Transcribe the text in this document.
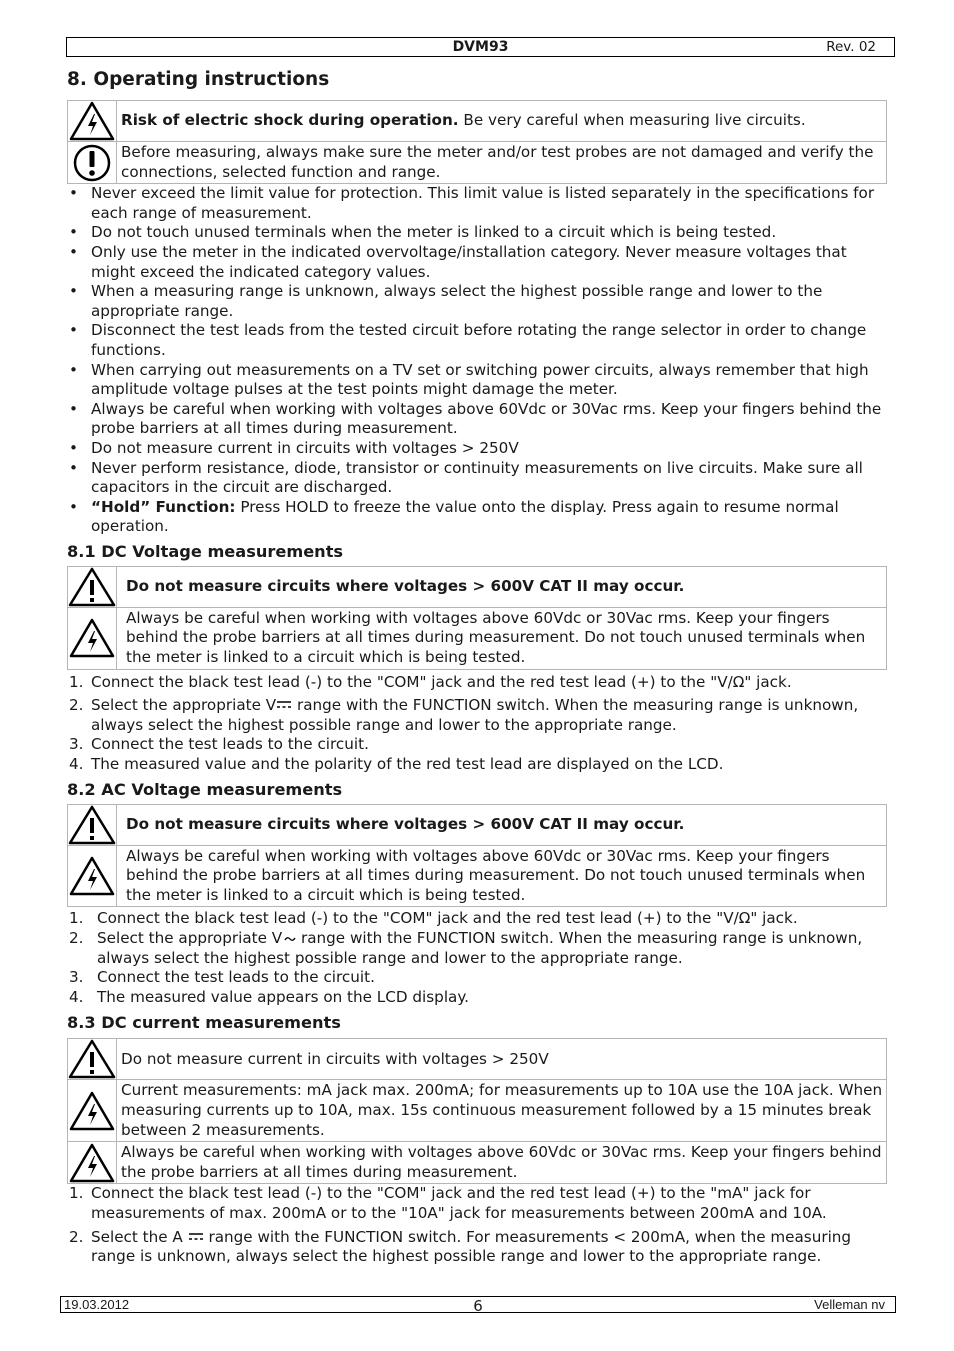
DVM93	Rev. 02
8. Operating instructions
	Risk of electric shock during operation. Be very careful when measuring live circuits.

	Before measuring, always make sure the meter and/or test probes are not damaged and verify the connections, selected function and range.
• Never exceed the limit value for protection. This limit value is listed separately in the specifications for each range of measurement.
• Do not touch unused terminals when the meter is linked to a circuit which is being tested.
• Only use the meter in the indicated overvoltage/installation category. Never measure voltages that might exceed the indicated category values.
• When a measuring range is unknown, always select the highest possible range and lower to the appropriate range.
• Disconnect the test leads from the tested circuit before rotating the range selector in order to change functions.
• When carrying out measurements on a TV set or switching power circuits, always remember that high amplitude voltage pulses at the test points might damage the meter.
• Always be careful when working with voltages above 60Vdc or 30Vac rms. Keep your fingers behind the probe barriers at all times during measurement.
• Do not measure current in circuits with voltages > 250V
• Never perform resistance, diode, transistor or continuity measurements on live circuits. Make sure all capacitors in the circuit are discharged.
• “Hold” Function: Press HOLD to freeze the value onto the display. Press again to resume normal operation.
8.1 DC Voltage measurements
	Do not measure circuits where voltages > 600V CAT II may occur.

	Always be careful when working with voltages above 60Vdc or 30Vac rms. Keep your fingers behind the probe barriers at all times during measurement. Do not touch unused terminals when the meter is linked to a circuit which is being tested.
1. Connect the black test lead (-) to the "COM" jack and the red test lead (+) to the "V/Ω" jack.
2. Select the appropriate V range with the FUNCTION switch. When the measuring range is unknown, always select the highest possible range and lower to the appropriate range.
3. Connect the test leads to the circuit.
4. The measured value and the polarity of the red test lead are displayed on the LCD.
8.2 AC Voltage measurements
	Do not measure circuits where voltages > 600V CAT II may occur.

	Always be careful when working with voltages above 60Vdc or 30Vac rms. Keep your fingers behind the probe barriers at all times during measurement. Do not touch unused terminals when the meter is linked to a circuit which is being tested.
1. Connect the black test lead (-) to the "COM" jack and the red test lead (+) to the "V/Ω" jack.
2. Select the appropriate V range with the FUNCTION switch. When the measuring range is unknown, always select the highest possible range and lower to the appropriate range.
3. Connect the test leads to the circuit.
4. The measured value appears on the LCD display.
8.3 DC current measurements
	Do not measure current in circuits with voltages > 250V

	Current measurements: mA jack max. 200mA; for measurements up to 10A use the 10A jack. When measuring currents up to 10A, max. 15s continuous measurement followed by a 15 minutes break between 2 measurements.

	Always be careful when working with voltages above 60Vdc or 30Vac rms. Keep your fingers behind the probe barriers at all times during measurement.
1. Connect the black test lead (-) to the "COM" jack and the red test lead (+) to the "mA" jack for measurements of max. 200mA or to the "10A" jack for measurements between 200mA and 10A.
2. Select the A  range with the FUNCTION switch. For measurements < 200mA, when the measuring range is unknown, always select the highest possible range and lower to the appropriate range.
19.03.2012	6	Velleman nv
